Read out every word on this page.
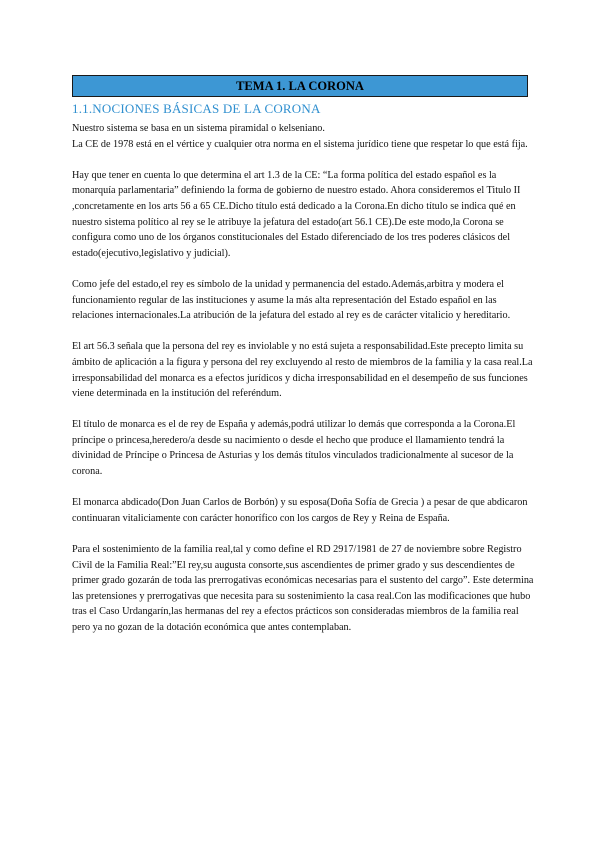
TEMA 1. LA CORONA
1.1.NOCIONES BÁSICAS DE LA CORONA

Nuestro sistema se basa en un sistema piramidal o kelseniano.

La CE de 1978 está en el vértice y cualquier otra norma en el sistema jurídico tiene que respetar lo que está fija.

Hay que tener en cuenta lo que determina el art 1.3 de la CE: “La forma política del estado español es la monarquía parlamentaria” definiendo la forma de gobierno de nuestro estado. Ahora consideremos el Titulo II ,concretamente en los arts 56 a 65 CE.Dicho título está dedicado a la Corona.En dicho título se indica qué en nuestro sistema político al rey se le atribuye la jefatura del estado(art 56.1 CE).De este modo,la Corona se configura como uno de los órganos constitucionales del Estado diferenciado de los tres poderes clásicos del estado(ejecutivo,legislativo y judicial).

Como jefe del estado,el rey es símbolo de la unidad y permanencia del estado.Además,arbitra y modera el funcionamiento regular de las instituciones y asume la más alta representación del Estado español en las relaciones internacionales.La atribución de la jefatura del estado al rey es de carácter vitalicio y hereditario.

El art 56.3 señala que la persona del rey es inviolable y no está sujeta a responsabilidad.Este precepto limita su ámbito de aplicación a la figura y persona del rey excluyendo al resto de miembros de la familia y la casa real.La irresponsabilidad del monarca es a efectos jurídicos y dicha irresponsabilidad en el desempeño de sus funciones viene determinada en la institución del referéndum.

El título de monarca es el de rey de España y además,podrá utilizar lo demás que corresponda a la Corona.El príncipe o princesa,heredero/a desde su nacimiento o desde el hecho que produce el llamamiento tendrá la divinidad de Príncipe o Princesa de Asturias y los demás títulos vinculados tradicionalmente al sucesor de la corona.

El monarca abdicado(Don Juan Carlos de Borbón) y su esposa(Doña Sofía de Grecia ) a pesar de que abdicaron continuaran vitaliciamente con carácter honorífico con los cargos de Rey y Reina de España.

Para el sostenimiento de la familia real,tal y como define el RD 2917/1981 de 27 de noviembre sobre Registro Civil de la Familia Real:”El rey,su augusta consorte,sus ascendientes de primer grado y sus descendientes de primer grado gozarán de toda las prerrogativas económicas necesarias para el sustento del cargo”. Este determina las pretensiones y prerrogativas que necesita para su sostenimiento la casa real.Con las modificaciones que hubo tras el Caso Urdangarín,las hermanas del rey a efectos prácticos son consideradas miembros de la familia real pero ya no gozan de la dotación económica que antes contemplaban.
